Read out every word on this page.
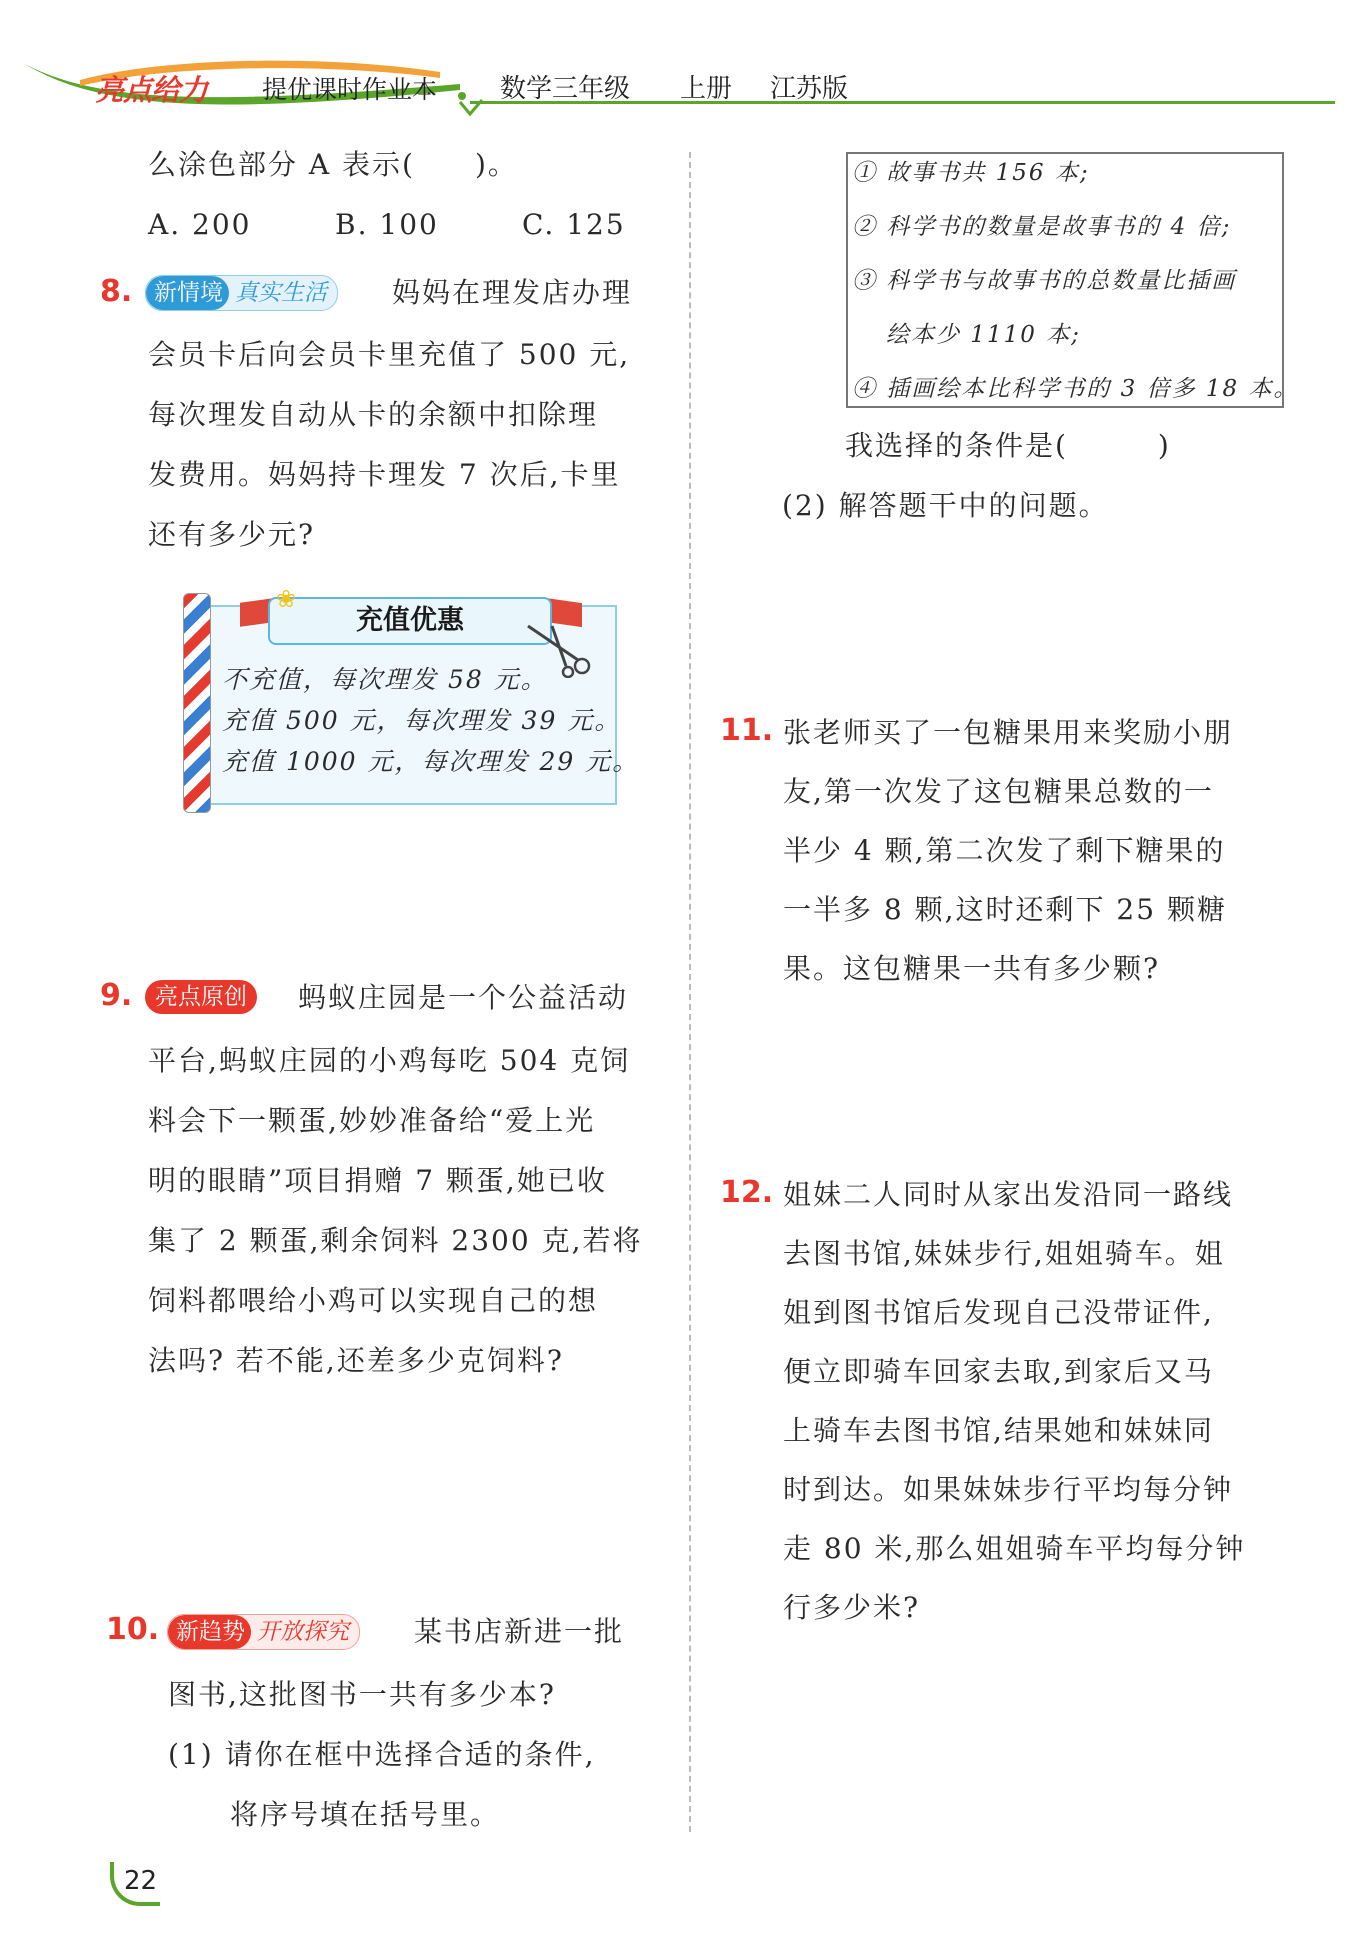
亮点给力 提优课时作业本 数学三年级 上册 江苏版
么涂色部分 A 表示(　　)。
A. 200	B. 100	C. 125
8. 新情境 真实生活	妈妈在理发店办理
会员卡后向会员卡里充值了 500 元,
每次理发自动从卡的余额中扣除理
发费用。妈妈持卡理发 7 次后,卡里
还有多少元?
充值优惠
❀
不充值，每次理发 58 元。
充值 500 元，每次理发 39 元。
充值 1000 元，每次理发 29 元。
9. 亮点原创	蚂蚁庄园是一个公益活动
平台,蚂蚁庄园的小鸡每吃 504 克饲
料会下一颗蛋,妙妙准备给“爱上光
明的眼睛”项目捐赠 7 颗蛋,她已收
集了 2 颗蛋,剩余饲料 2300 克,若将
饲料都喂给小鸡可以实现自己的想
法吗? 若不能,还差多少克饲料?
10. 新趋势 开放探究	某书店新进一批
图书,这批图书一共有多少本?
(1) 请你在框中选择合适的条件,
将序号填在括号里。
① 故事书共 156 本;
② 科学书的数量是故事书的 4 倍;
③ 科学书与故事书的总数量比插画
绘本少 1110 本;
④ 插画绘本比科学书的 3 倍多 18 本。
我选择的条件是(　　　)
(2) 解答题干中的问题。
11. 张老师买了一包糖果用来奖励小朋
友,第一次发了这包糖果总数的一
半少 4 颗,第二次发了剩下糖果的
一半多 8 颗,这时还剩下 25 颗糖
果。这包糖果一共有多少颗?
12. 姐妹二人同时从家出发沿同一路线
去图书馆,妹妹步行,姐姐骑车。姐
姐到图书馆后发现自己没带证件,
便立即骑车回家去取,到家后又马
上骑车去图书馆,结果她和妹妹同
时到达。如果妹妹步行平均每分钟
走 80 米,那么姐姐骑车平均每分钟
行多少米?
22
